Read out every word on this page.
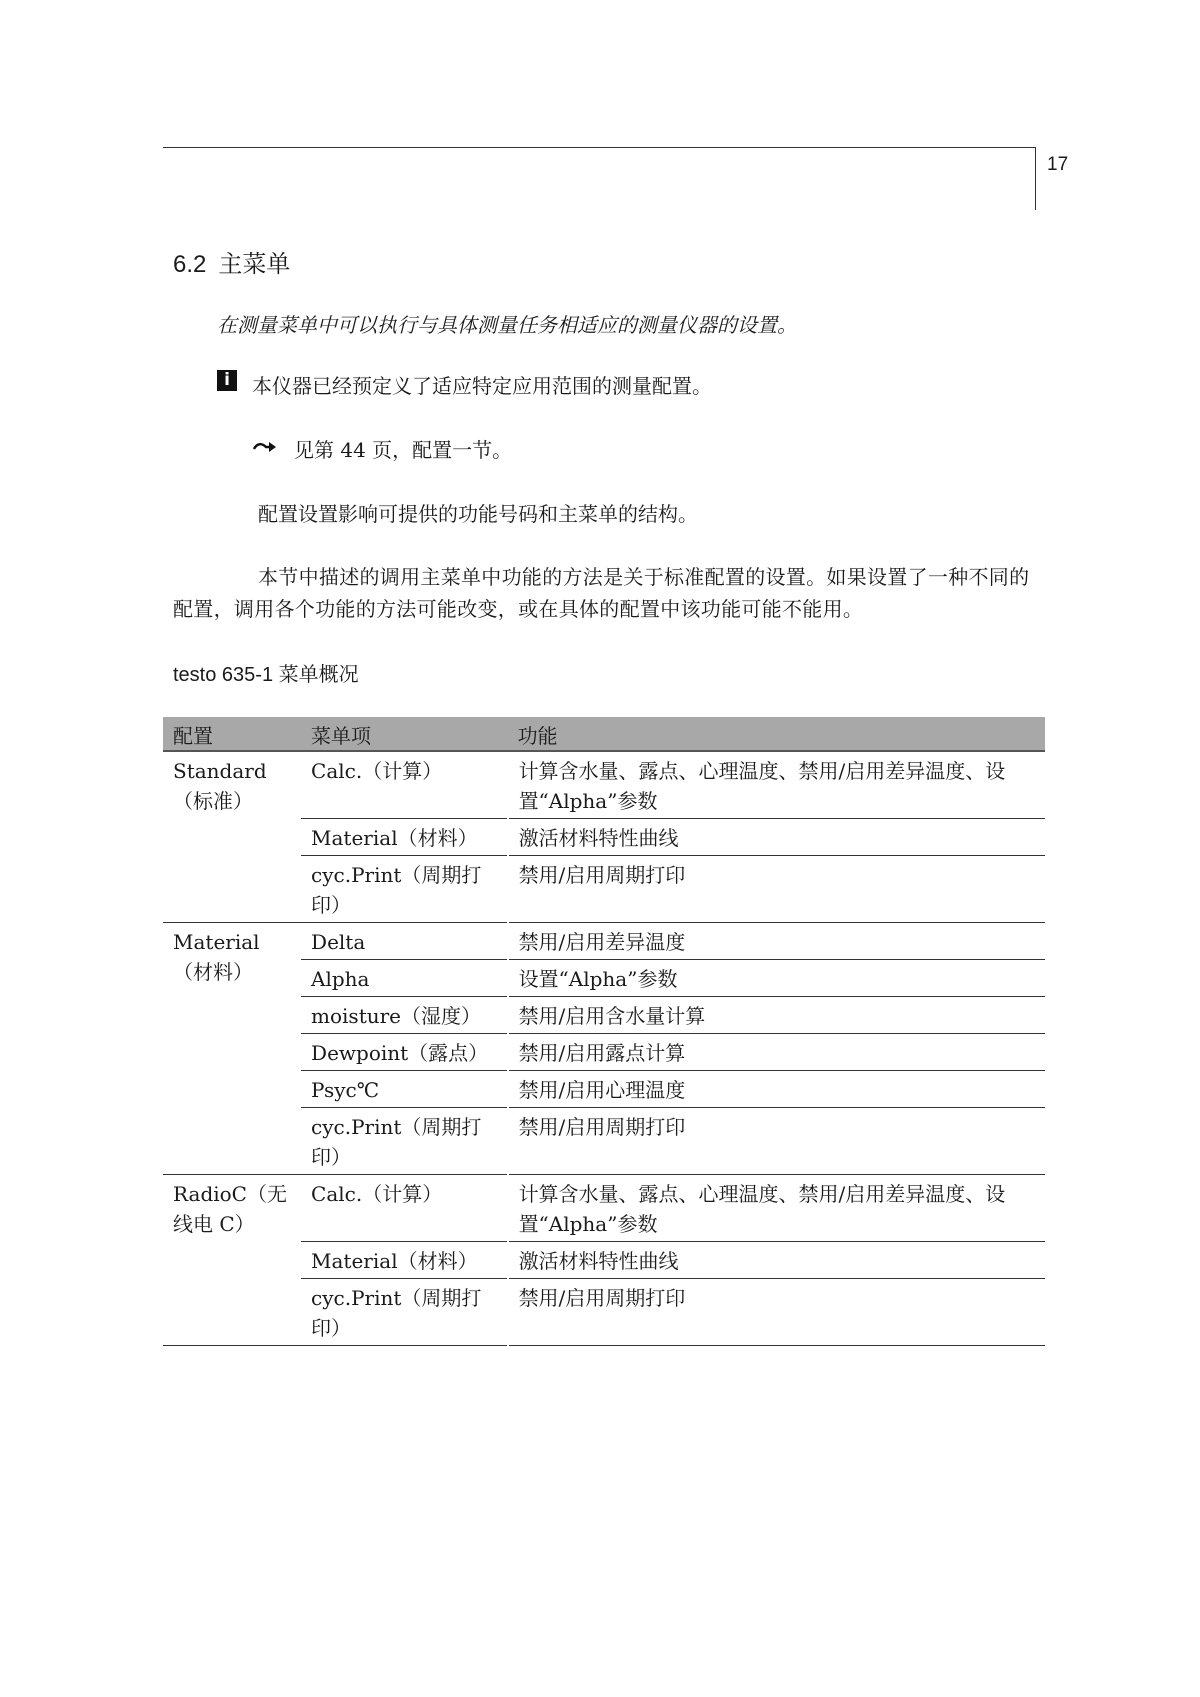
17
6.2 主菜单
在测量菜单中可以执行与具体测量任务相适应的测量仪器的设置。
i	本仪器已经预定义了适应特定应用范围的测量配置。
见第 44 页，配置一节。
配置设置影响可提供的功能号码和主菜单的结构。
本节中描述的调用主菜单中功能的方法是关于标准配置的设置。如果设置了一种不同的配置，调用各个功能的方法可能改变，或在具体的配置中该功能可能不能用。
testo 635-1 菜单概况
配置	菜单项	功能
Standard（标准）	Calc.（计算）	计算含水量、露点、心理温度、禁用/启用差异温度、设置“Alpha”参数
	Material（材料）	激活材料特性曲线
	cyc.Print（周期打印）	禁用/启用周期打印
Material（材料）	Delta	禁用/启用差异温度
	Alpha	设置“Alpha”参数
	moisture（湿度）	禁用/启用含水量计算
	Dewpoint（露点）	禁用/启用露点计算
	Psyc℃	禁用/启用心理温度
	cyc.Print（周期打印）	禁用/启用周期打印
RadioC（无线电 C）	Calc.（计算）	计算含水量、露点、心理温度、禁用/启用差异温度、设置“Alpha”参数
	Material（材料）	激活材料特性曲线
	cyc.Print（周期打印）	禁用/启用周期打印
